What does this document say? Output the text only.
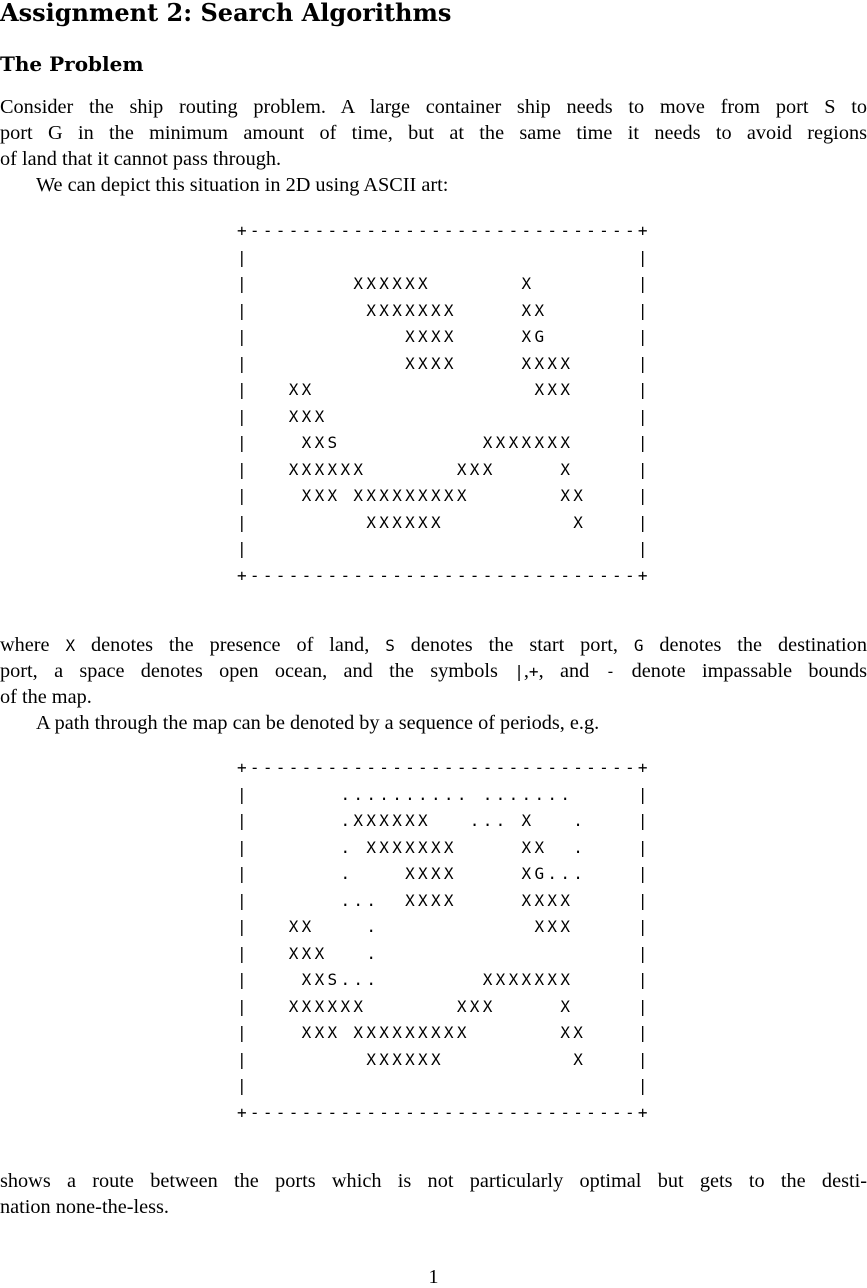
Assignment 2: Search Algorithms
The Problem
Consider the ship routing problem. A large container ship needs to move from port S to
port G in the minimum amount of time, but at the same time it needs to avoid regions
of land that it cannot pass through.
We can depict this situation in 2D using ASCII art:
+------------------------------+
|                              |
|        XXXXXX       X        |
|         XXXXXXX     XX       |
|            XXXX     XG       |
|            XXXX     XXXX     |
|   XX                 XXX     |
|   XXX                        |
|    XXS           XXXXXXX     |
|   XXXXXX       XXX     X     |
|    XXX XXXXXXXXX       XX    |
|         XXXXXX          X    |
|                              |
+------------------------------+
where X denotes the presence of land, S denotes the start port, G denotes the destination
port, a space denotes open ocean, and the symbols |,+, and - denote impassable bounds
of the map.
A path through the map can be denoted by a sequence of periods, e.g.
+------------------------------+
|       .......... .......     |
|       .XXXXXX   ... X   .    |
|       . XXXXXXX     XX  .    |
|       .    XXXX     XG...    |
|       ...  XXXX     XXXX     |
|   XX    .            XXX     |
|   XXX   .                    |
|    XXS...        XXXXXXX     |
|   XXXXXX       XXX     X     |
|    XXX XXXXXXXXX       XX    |
|         XXXXXX          X    |
|                              |
+------------------------------+
shows a route between the ports which is not particularly optimal but gets to the desti-
nation none-the-less.
1
